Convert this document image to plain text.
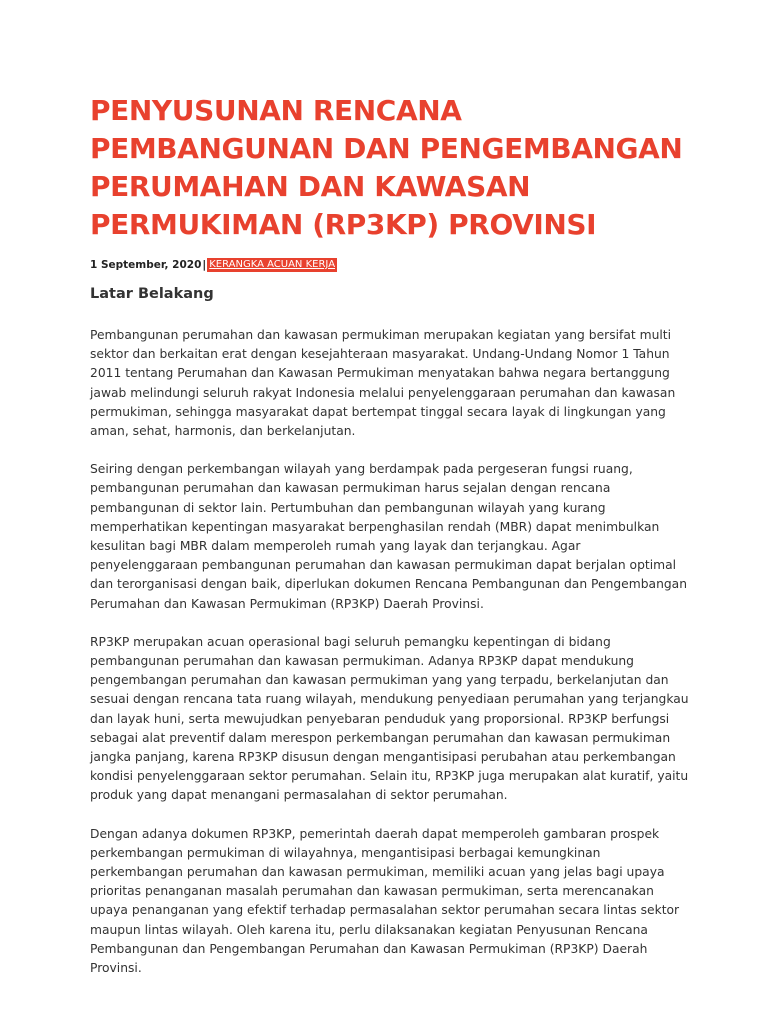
PENYUSUNAN RENCANA PEMBANGUNAN DAN PENGEMBANGAN PERUMAHAN DAN KAWASAN PERMUKIMAN (RP3KP) PROVINSI
1 September, 2020 | KERANGKA ACUAN KERJA
Latar Belakang

Pembangunan perumahan dan kawasan permukiman merupakan kegiatan yang bersifat multi sektor dan berkaitan erat dengan kesejahteraan masyarakat. Undang-Undang Nomor 1 Tahun 2011 tentang Perumahan dan Kawasan Permukiman menyatakan bahwa negara bertanggung jawab melindungi seluruh rakyat Indonesia melalui penyelenggaraan perumahan dan kawasan permukiman, sehingga masyarakat dapat bertempat tinggal secara layak di lingkungan yang aman, sehat, harmonis, dan berkelanjutan.

Seiring dengan perkembangan wilayah yang berdampak pada pergeseran fungsi ruang, pembangunan perumahan dan kawasan permukiman harus sejalan dengan rencana pembangunan di sektor lain. Pertumbuhan dan pembangunan wilayah yang kurang memperhatikan kepentingan masyarakat berpenghasilan rendah (MBR) dapat menimbulkan kesulitan bagi MBR dalam memperoleh rumah yang layak dan terjangkau. Agar penyelenggaraan pembangunan perumahan dan kawasan permukiman dapat berjalan optimal dan terorganisasi dengan baik, diperlukan dokumen Rencana Pembangunan dan Pengembangan Perumahan dan Kawasan Permukiman (RP3KP) Daerah Provinsi.

RP3KP merupakan acuan operasional bagi seluruh pemangku kepentingan di bidang pembangunan perumahan dan kawasan permukiman. Adanya RP3KP dapat mendukung pengembangan perumahan dan kawasan permukiman yang yang terpadu, berkelanjutan dan sesuai dengan rencana tata ruang wilayah, mendukung penyediaan perumahan yang terjangkau dan layak huni, serta mewujudkan penyebaran penduduk yang proporsional. RP3KP berfungsi sebagai alat preventif dalam merespon perkembangan perumahan dan kawasan permukiman jangka panjang, karena RP3KP disusun dengan mengantisipasi perubahan atau perkembangan kondisi penyelenggaraan sektor perumahan. Selain itu, RP3KP juga merupakan alat kuratif, yaitu produk yang dapat menangani permasalahan di sektor perumahan.

Dengan adanya dokumen RP3KP, pemerintah daerah dapat memperoleh gambaran prospek perkembangan permukiman di wilayahnya, mengantisipasi berbagai kemungkinan perkembangan perumahan dan kawasan permukiman, memiliki acuan yang jelas bagi upaya prioritas penanganan masalah perumahan dan kawasan permukiman, serta merencanakan upaya penanganan yang efektif terhadap permasalahan sektor perumahan secara lintas sektor maupun lintas wilayah. Oleh karena itu, perlu dilaksanakan kegiatan Penyusunan Rencana Pembangunan dan Pengembangan Perumahan dan Kawasan Permukiman (RP3KP) Daerah Provinsi.
